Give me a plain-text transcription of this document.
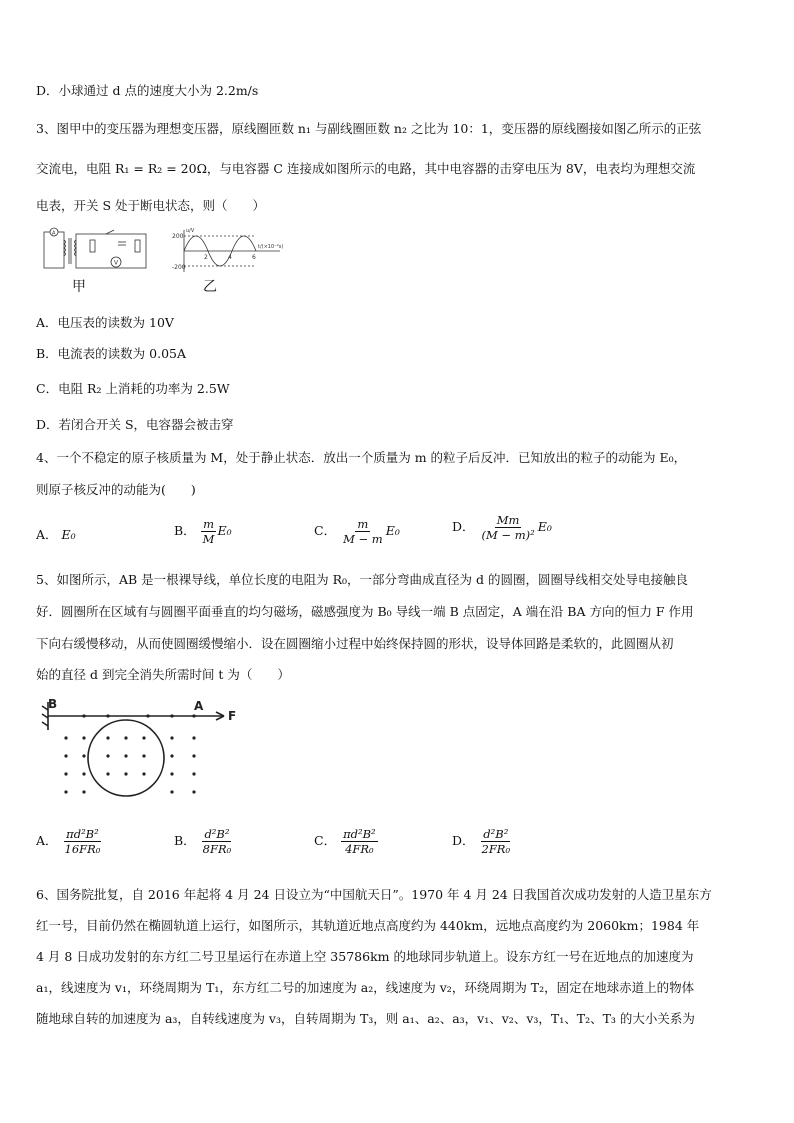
D．小球通过 d 点的速度大小为 2.2m/s
3、图甲中的变压器为理想变压器，原线圈匝数 n₁ 与副线圈匝数 n₂ 之比为 10：1，变压器的原线圈接如图乙所示的正弦
交流电，电阻 R₁ = R₂ = 20Ω，与电容器 C 连接成如图所示的电路，其中电容器的击穿电压为 8V，电表均为理想交流
电表，开关 S 处于断电状态，则（　　）
V
A
甲
200
-200
2	4	6
t/(×10⁻²s)
u/V
乙
A．电压表的读数为 10V
B．电流表的读数为 0.05A
C．电阻 R₂ 上消耗的功率为 2.5W
D．若闭合开关 S，电容器会被击穿
4、一个不稳定的原子核质量为 M，处于静止状态．放出一个质量为 m 的粒子后反冲．已知放出的粒子的动能为 E₀，
则原子核反冲的动能为(　　)
A． E₀	B． $\frac{m}{M} E_0$	C． $\frac{m}{M - m} E_0$	D． $\frac{Mm}{\text{(M − m)²}} E_0$
5、如图所示，AB 是一根裸导线，单位长度的电阻为 R₀，一部分弯曲成直径为 d 的圆圈，圆圈导线相交处导电接触良
好．圆圈所在区域有与圆圈平面垂直的均匀磁场，磁感强度为 B₀ 导线一端 B 点固定，A 端在沿 BA 方向的恒力 F 作用
下向右缓慢移动，从而使圆圈缓慢缩小．设在圆圈缩小过程中始终保持圆的形状，设导体回路是柔软的，此圆圈从初
始的直径 d 到完全消失所需时间 t 为（　　）
B	A
F
A． $\frac{\text{πd²B²}}{\text{16FR₀}}$	B． $\frac{\text{d²B²}}{\text{8FR₀}}$	C． $\frac{\text{πd²B²}}{\text{4FR₀}}$	D． $\frac{\text{d²B²}}{\text{2FR₀}}$
6、国务院批复，自 2016 年起将 4 月 24 日设立为“中国航天日”。1970 年 4 月 24 日我国首次成功发射的人造卫星东方
红一号，目前仍然在椭圆轨道上运行，如图所示，其轨道近地点高度约为 440km，远地点高度约为 2060km；1984 年
4 月 8 日成功发射的东方红二号卫星运行在赤道上空 35786km 的地球同步轨道上。设东方红一号在近地点的加速度为
a₁，线速度为 v₁，环绕周期为 T₁，东方红二号的加速度为 a₂，线速度为 v₂，环绕周期为 T₂，固定在地球赤道上的物体
随地球自转的加速度为 a₃，自转线速度为 v₃，自转周期为 T₃，则 a₁、a₂、a₃，v₁、v₂、v₃，T₁、T₂、T₃ 的大小关系为
